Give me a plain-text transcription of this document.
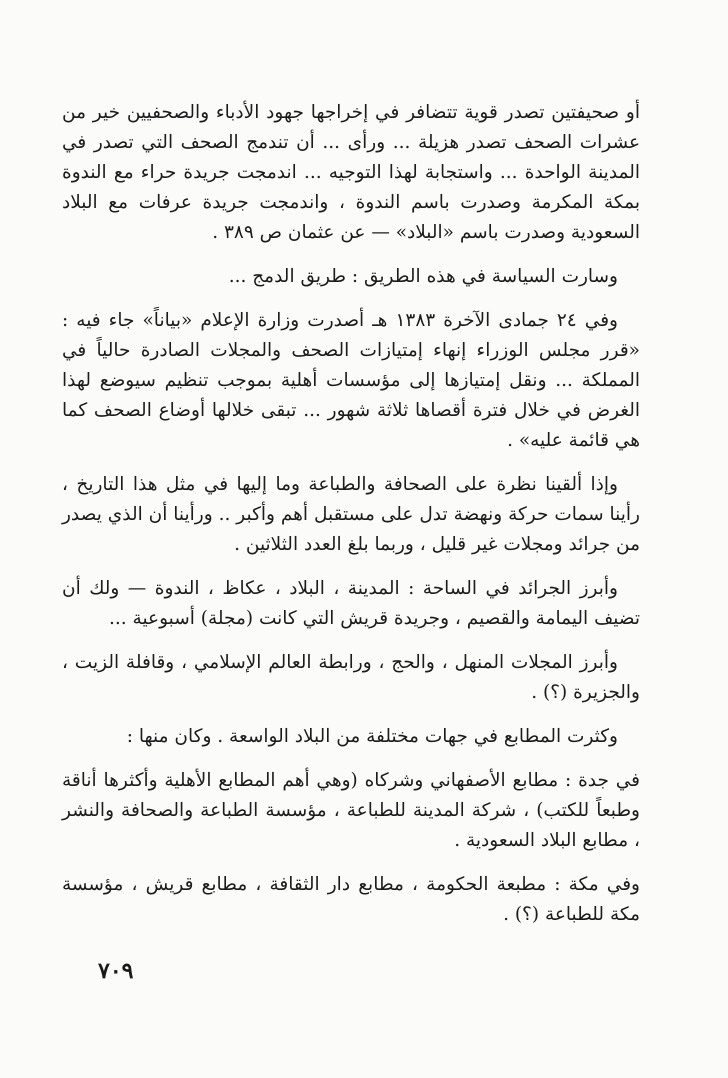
أو صحيفتين تصدر قوية تتضافر في إخراجها جهود الأدباء والصحفيين خير من عشرات الصحف تصدر هزيلة ... ورأى ... أن تندمج الصحف التي تصدر في المدينة الواحدة ... واستجابة لهذا التوجيه ... اندمجت جريدة حراء مع الندوة بمكة المكرمة وصدرت باسم الندوة ، واندمجت جريدة عرفات مع البلاد السعودية وصدرت باسم «البلاد» — عن عثمان ص ٣٨٩ .

وسارت السياسة في هذه الطريق : طريق الدمج ...

وفي ٢٤ جمادى الآخرة ١٣٨٣ هـ أصدرت وزارة الإعلام «بياناً» جاء فيه : «قرر مجلس الوزراء إنهاء إمتيازات الصحف والمجلات الصادرة حالياً في المملكة ... ونقل إمتيازها إلى مؤسسات أهلية بموجب تنظيم سيوضع لهذا الغرض في خلال فترة أقصاها ثلاثة شهور ... تبقى خلالها أوضاع الصحف كما هي قائمة عليه» .

وإذا ألقينا نظرة على الصحافة والطباعة وما إليها في مثل هذا التاريخ ، رأينا سمات حركة ونهضة تدل على مستقبل أهم وأكبر .. ورأينا أن الذي يصدر من جرائد ومجلات غير قليل ، وربما بلغ العدد الثلاثين .

وأبرز الجرائد في الساحة : المدينة ، البلاد ، عكاظ ، الندوة — ولك أن تضيف اليمامة والقصيم ، وجريدة قريش التي كانت (مجلة) أسبوعية ...

وأبرز المجلات المنهل ، والحج ، ورابطة العالم الإسلامي ، وقافلة الزيت ، والجزيرة (؟) .

وكثرت المطابع في جهات مختلفة من البلاد الواسعة . وكان منها :

في جدة : مطابع الأصفهاني وشركاه (وهي أهم المطابع الأهلية وأكثرها أناقة وطبعاً للكتب) ، شركة المدينة للطباعة ، مؤسسة الطباعة والصحافة والنشر ، مطابع البلاد السعودية .

وفي مكة : مطبعة الحكومة ، مطابع دار الثقافة ، مطابع قريش ، مؤسسة مكة للطباعة (؟) .

٧٠٩
